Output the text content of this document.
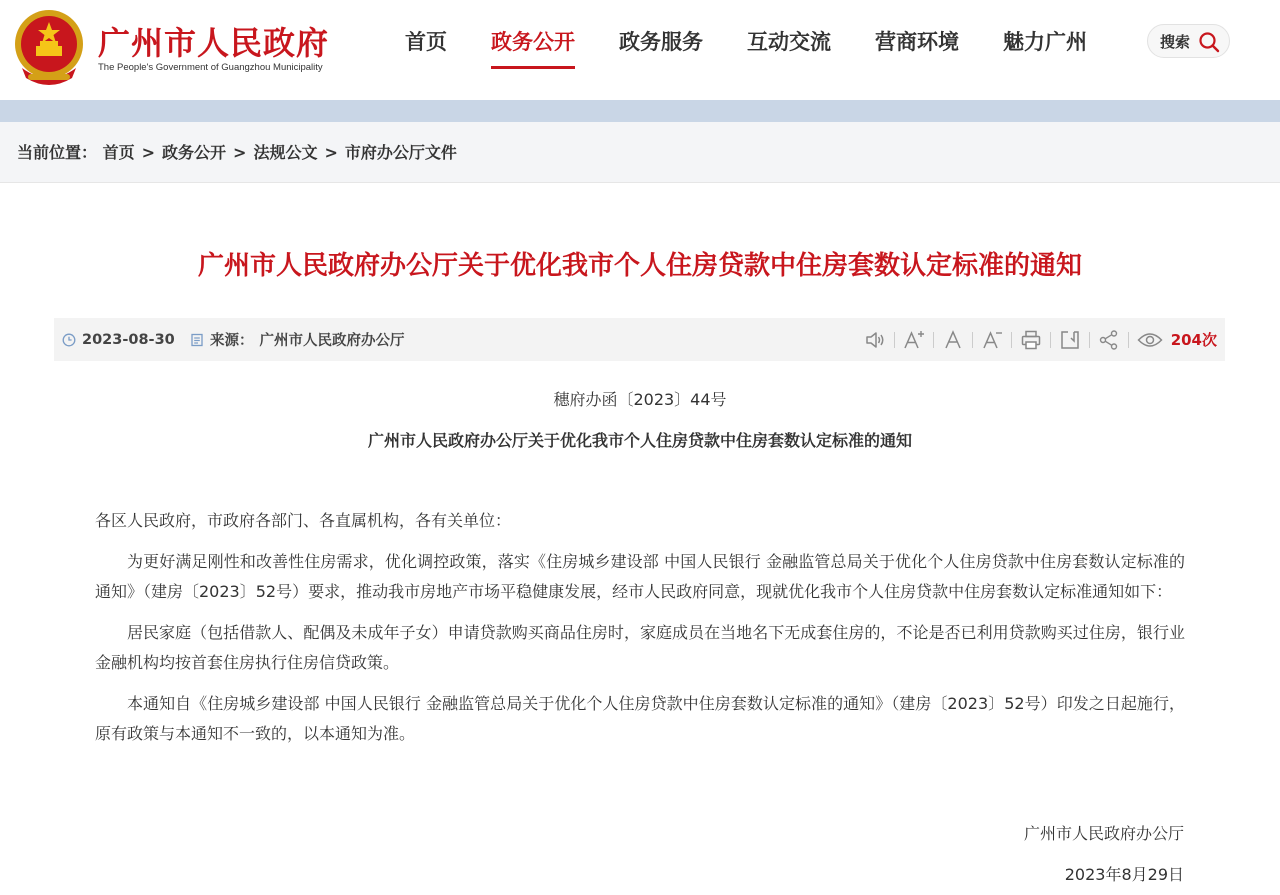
广州市人民政府
The People's Government of Guangzhou Municipality
首页	政务公开	政务服务	互动交流	营商环境	魅力广州	搜索
当前位置： 首页 > 政务公开 > 法规公文 > 市府办公厅文件
广州市人民政府办公厅关于优化我市个人住房贷款中住房套数认定标准的通知
2023-08-30 来源： 广州市人民政府办公厅	204次
穗府办函〔2023〕44号
广州市人民政府办公厅关于优化我市个人住房贷款中住房套数认定标准的通知

各区人民政府，市政府各部门、各直属机构，各有关单位：

为更好满足刚性和改善性住房需求，优化调控政策，落实《住房城乡建设部 中国人民银行 金融监管总局关于优化个人住房贷款中住房套数认定标准的通知》（建房〔2023〕52号）要求，推动我市房地产市场平稳健康发展，经市人民政府同意，现就优化我市个人住房贷款中住房套数认定标准通知如下：

居民家庭（包括借款人、配偶及未成年子女）申请贷款购买商品住房时，家庭成员在当地名下无成套住房的，不论是否已利用贷款购买过住房，银行业金融机构均按首套住房执行住房信贷政策。

本通知自《住房城乡建设部 中国人民银行 金融监管总局关于优化个人住房贷款中住房套数认定标准的通知》（建房〔2023〕52号）印发之日起施行，原有政策与本通知不一致的，以本通知为准。

广州市人民政府办公厅
2023年8月29日
